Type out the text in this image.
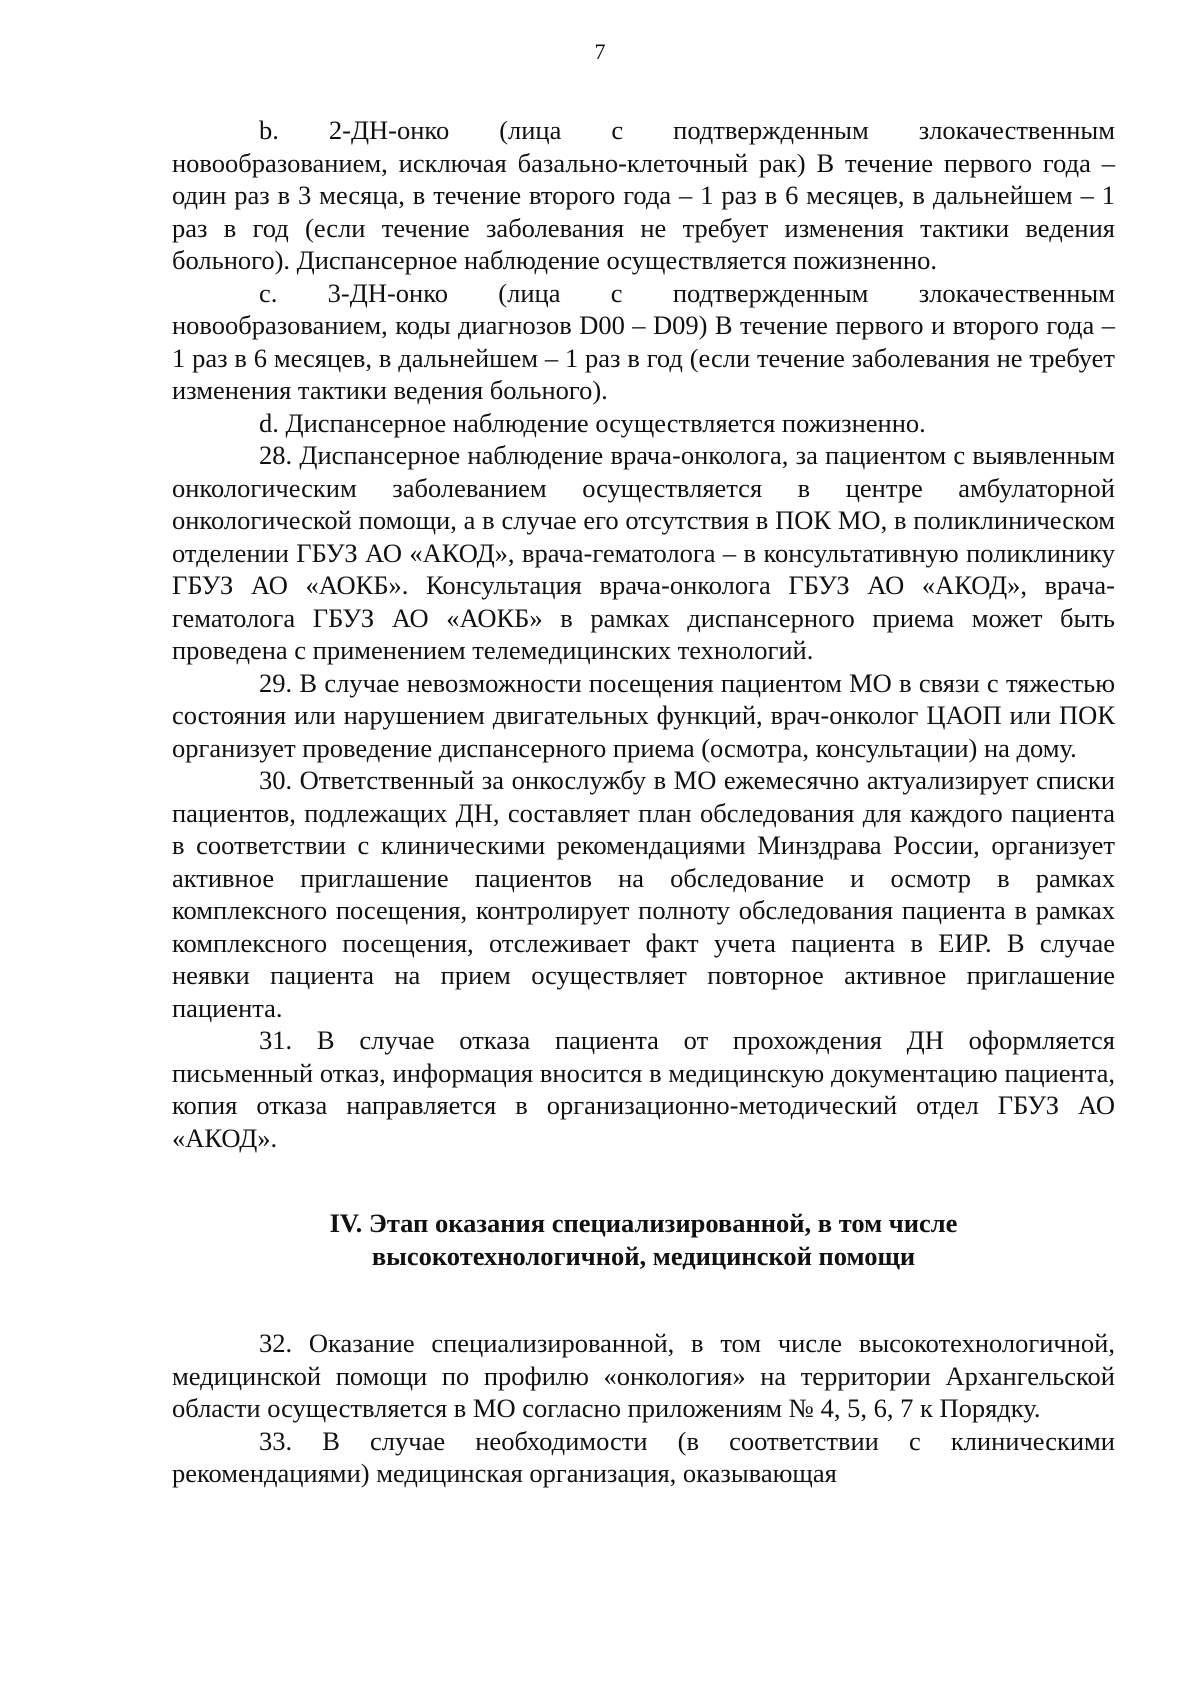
7

b. 2-ДН-онко (лица с подтвержденным злокачественным новообразованием, исключая базально-клеточный рак) В течение первого года – один раз в 3 месяца, в течение второго года – 1 раз в 6 месяцев, в дальнейшем – 1 раз в год (если течение заболевания не требует изменения тактики ведения больного). Диспансерное наблюдение осуществляется пожизненно.

c. 3-ДН-онко (лица с подтвержденным злокачественным новообразованием, коды диагнозов D00 – D09) В течение первого и второго года – 1 раз в 6 месяцев, в дальнейшем – 1 раз в год (если течение заболевания не требует изменения тактики ведения больного).

d. Диспансерное наблюдение осуществляется пожизненно.

28. Диспансерное наблюдение врача-онколога, за пациентом с выявленным онкологическим заболеванием осуществляется в центре амбулаторной онкологической помощи, а в случае его отсутствия в ПОК МО, в поликлиническом отделении ГБУЗ АО «АКОД», врача-гематолога – в консультативную поликлинику ГБУЗ АО «АОКБ». Консультация врача-онколога ГБУЗ АО «АКОД», врача-гематолога ГБУЗ АО «АОКБ» в рамках диспансерного приема может быть проведена с применением телемедицинских технологий.

29. В случае невозможности посещения пациентом МО в связи с тяжестью состояния или нарушением двигательных функций, врач-онколог ЦАОП или ПОК организует проведение диспансерного приема (осмотра, консультации) на дому.

30. Ответственный за онкослужбу в МО ежемесячно актуализирует списки пациентов, подлежащих ДН, составляет план обследования для каждого пациента в соответствии с клиническими рекомендациями Минздрава России, организует активное приглашение пациентов на обследование и осмотр в рамках комплексного посещения, контролирует полноту обследования пациента в рамках комплексного посещения, отслеживает факт учета пациента в ЕИР. В случае неявки пациента на прием осуществляет повторное активное приглашение пациента.

31. В случае отказа пациента от прохождения ДН оформляется письменный отказ, информация вносится в медицинскую документацию пациента, копия отказа направляется в организационно-методический отдел ГБУЗ АО «АКОД».

IV. Этап оказания специализированной, в том числе
высокотехнологичной, медицинской помощи

32. Оказание специализированной, в том числе высокотехнологичной, медицинской помощи по профилю «онкология» на территории Архангельской области осуществляется в МО согласно приложениям № 4, 5, 6, 7 к Порядку.

33. В случае необходимости (в соответствии с клиническими рекомендациями) медицинская организация, оказывающая
